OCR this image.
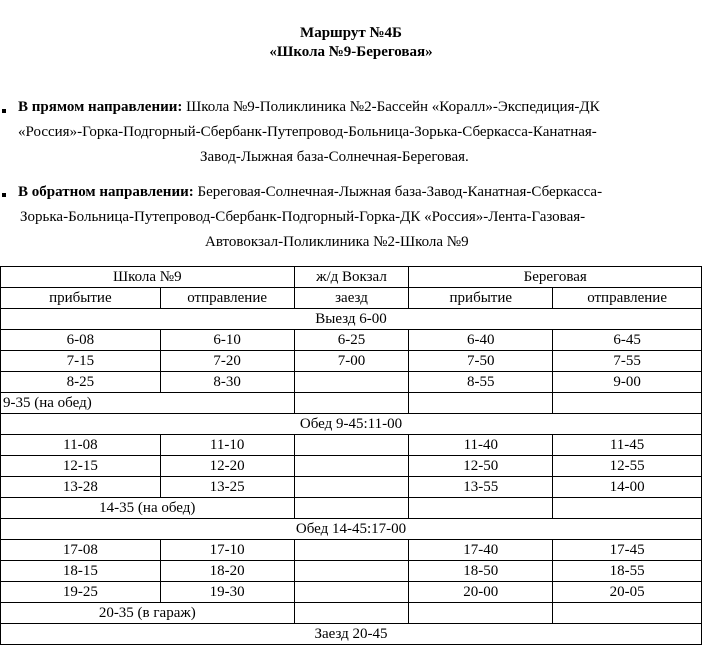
Маршрут №4Б
«Школа №9-Береговая»
В прямом направлении: Школа №9-Поликлиника №2-Бассейн «Коралл»-Экспедиция-ДК
«Россия»-Горка-Подгорный-Сбербанк-Путепровод-Больница-Зорька-Сберкасса-Канатная-
Завод-Лыжная база-Солнечная-Береговая.
В обратном направлении: Береговая-Солнечная-Лыжная база-Завод-Канатная-Сберкасса-
Зорька-Больница-Путепровод-Сбербанк-Подгорный-Горка-ДК «Россия»-Лента-Газовая-
Автовокзал-Поликлиника №2-Школа №9
Школа №9		ж/д Вокзал	Береговая	
прибытие	отправление	заезд	прибытие	отправление
Выезд 6-00				
6-08	6-10	6-25	6-40	6-45
7-15	7-20	7-00	7-50	7-55
8-25	8-30		8-55	9-00
9-35 (на обед)				
Обед 9-45:11-00				
11-08	11-10		11-40	11-45
12-15	12-20		12-50	12-55
13-28	13-25		13-55	14-00
14-35 (на обед)				
Обед 14-45:17-00				
17-08	17-10		17-40	17-45
18-15	18-20		18-50	18-55
19-25	19-30		20-00	20-05
20-35 (в гараж)				
Заезд 20-45				
